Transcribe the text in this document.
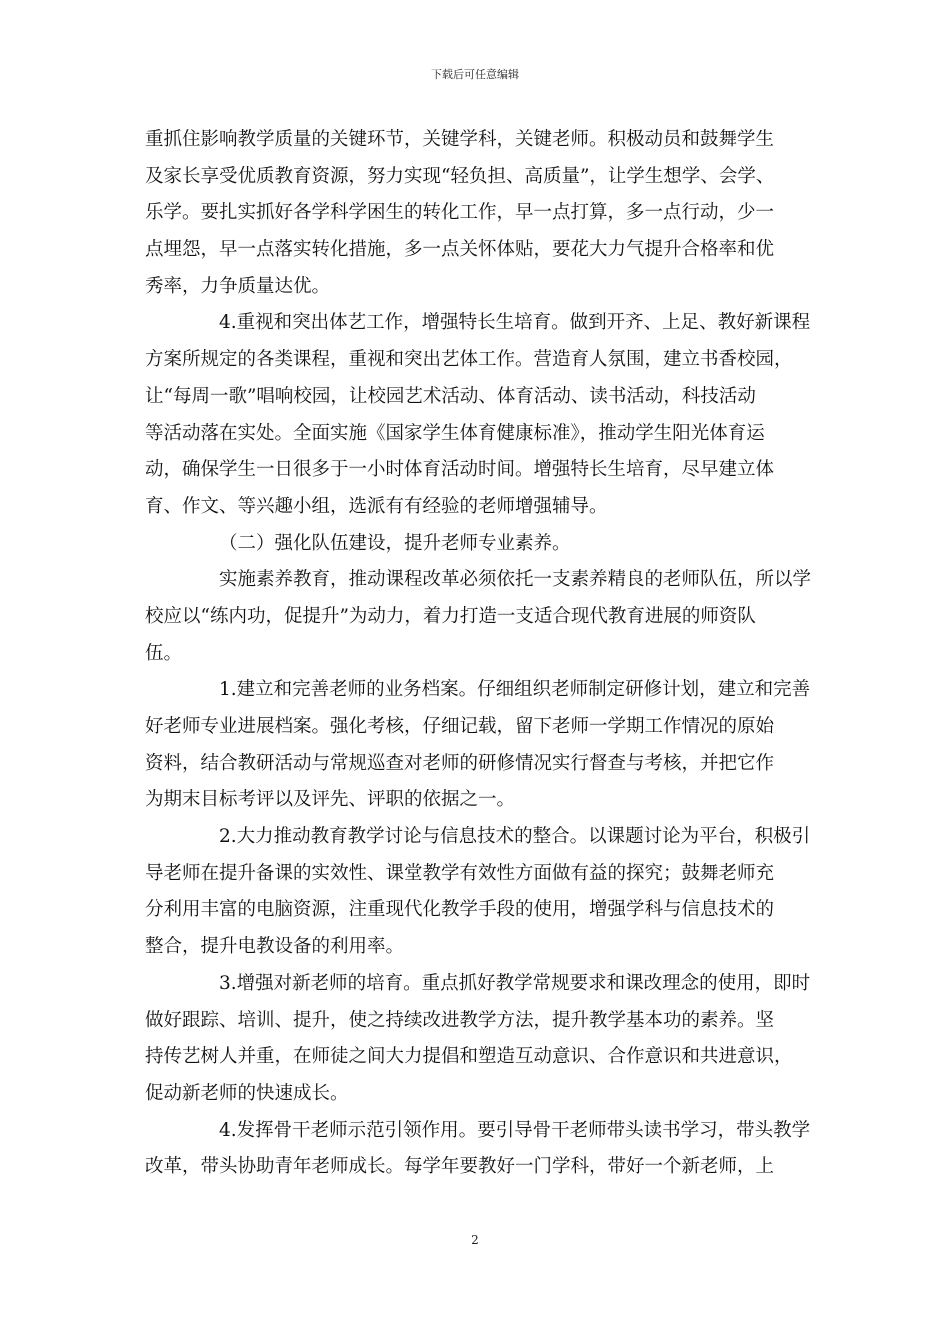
下载后可任意编辑
重抓住影响教学质量的关键环节，关键学科，关键老师。积极动员和鼓舞学生
及家长享受优质教育资源，努力实现“轻负担、高质量”，让学生想学、会学、
乐学。要扎实抓好各学科学困生的转化工作，早一点打算，多一点行动，少一
点埋怨，早一点落实转化措施，多一点关怀体贴，要花大力气提升合格率和优
秀率，力争质量达优。
4.重视和突出体艺工作，增强特长生培育。做到开齐、上足、教好新课程
方案所规定的各类课程，重视和突出艺体工作。营造育人氛围，建立书香校园，
让“每周一歌”唱响校园，让校园艺术活动、体育活动、读书活动，科技活动
等活动落在实处。全面实施《国家学生体育健康标准》，推动学生阳光体育运
动，确保学生一日很多于一小时体育活动时间。增强特长生培育，尽早建立体
育、作文、等兴趣小组，选派有有经验的老师增强辅导。
（二）强化队伍建设，提升老师专业素养。
实施素养教育，推动课程改革必须依托一支素养精良的老师队伍，所以学
校应以“练内功，促提升”为动力，着力打造一支适合现代教育进展的师资队
伍。
1.建立和完善老师的业务档案。仔细组织老师制定研修计划，建立和完善
好老师专业进展档案。强化考核，仔细记载，留下老师一学期工作情况的原始
资料，结合教研活动与常规巡查对老师的研修情况实行督查与考核，并把它作
为期末目标考评以及评先、评职的依据之一。
2.大力推动教育教学讨论与信息技术的整合。以课题讨论为平台，积极引
导老师在提升备课的实效性、课堂教学有效性方面做有益的探究；鼓舞老师充
分利用丰富的电脑资源，注重现代化教学手段的使用，增强学科与信息技术的
整合，提升电教设备的利用率。
3.增强对新老师的培育。重点抓好教学常规要求和课改理念的使用，即时
做好跟踪、培训、提升，使之持续改进教学方法，提升教学基本功的素养。坚
持传艺树人并重，在师徒之间大力提倡和塑造互动意识、合作意识和共进意识，
促动新老师的快速成长。
4.发挥骨干老师示范引领作用。要引导骨干老师带头读书学习，带头教学
改革，带头协助青年老师成长。每学年要教好一门学科，带好一个新老师，上
2
